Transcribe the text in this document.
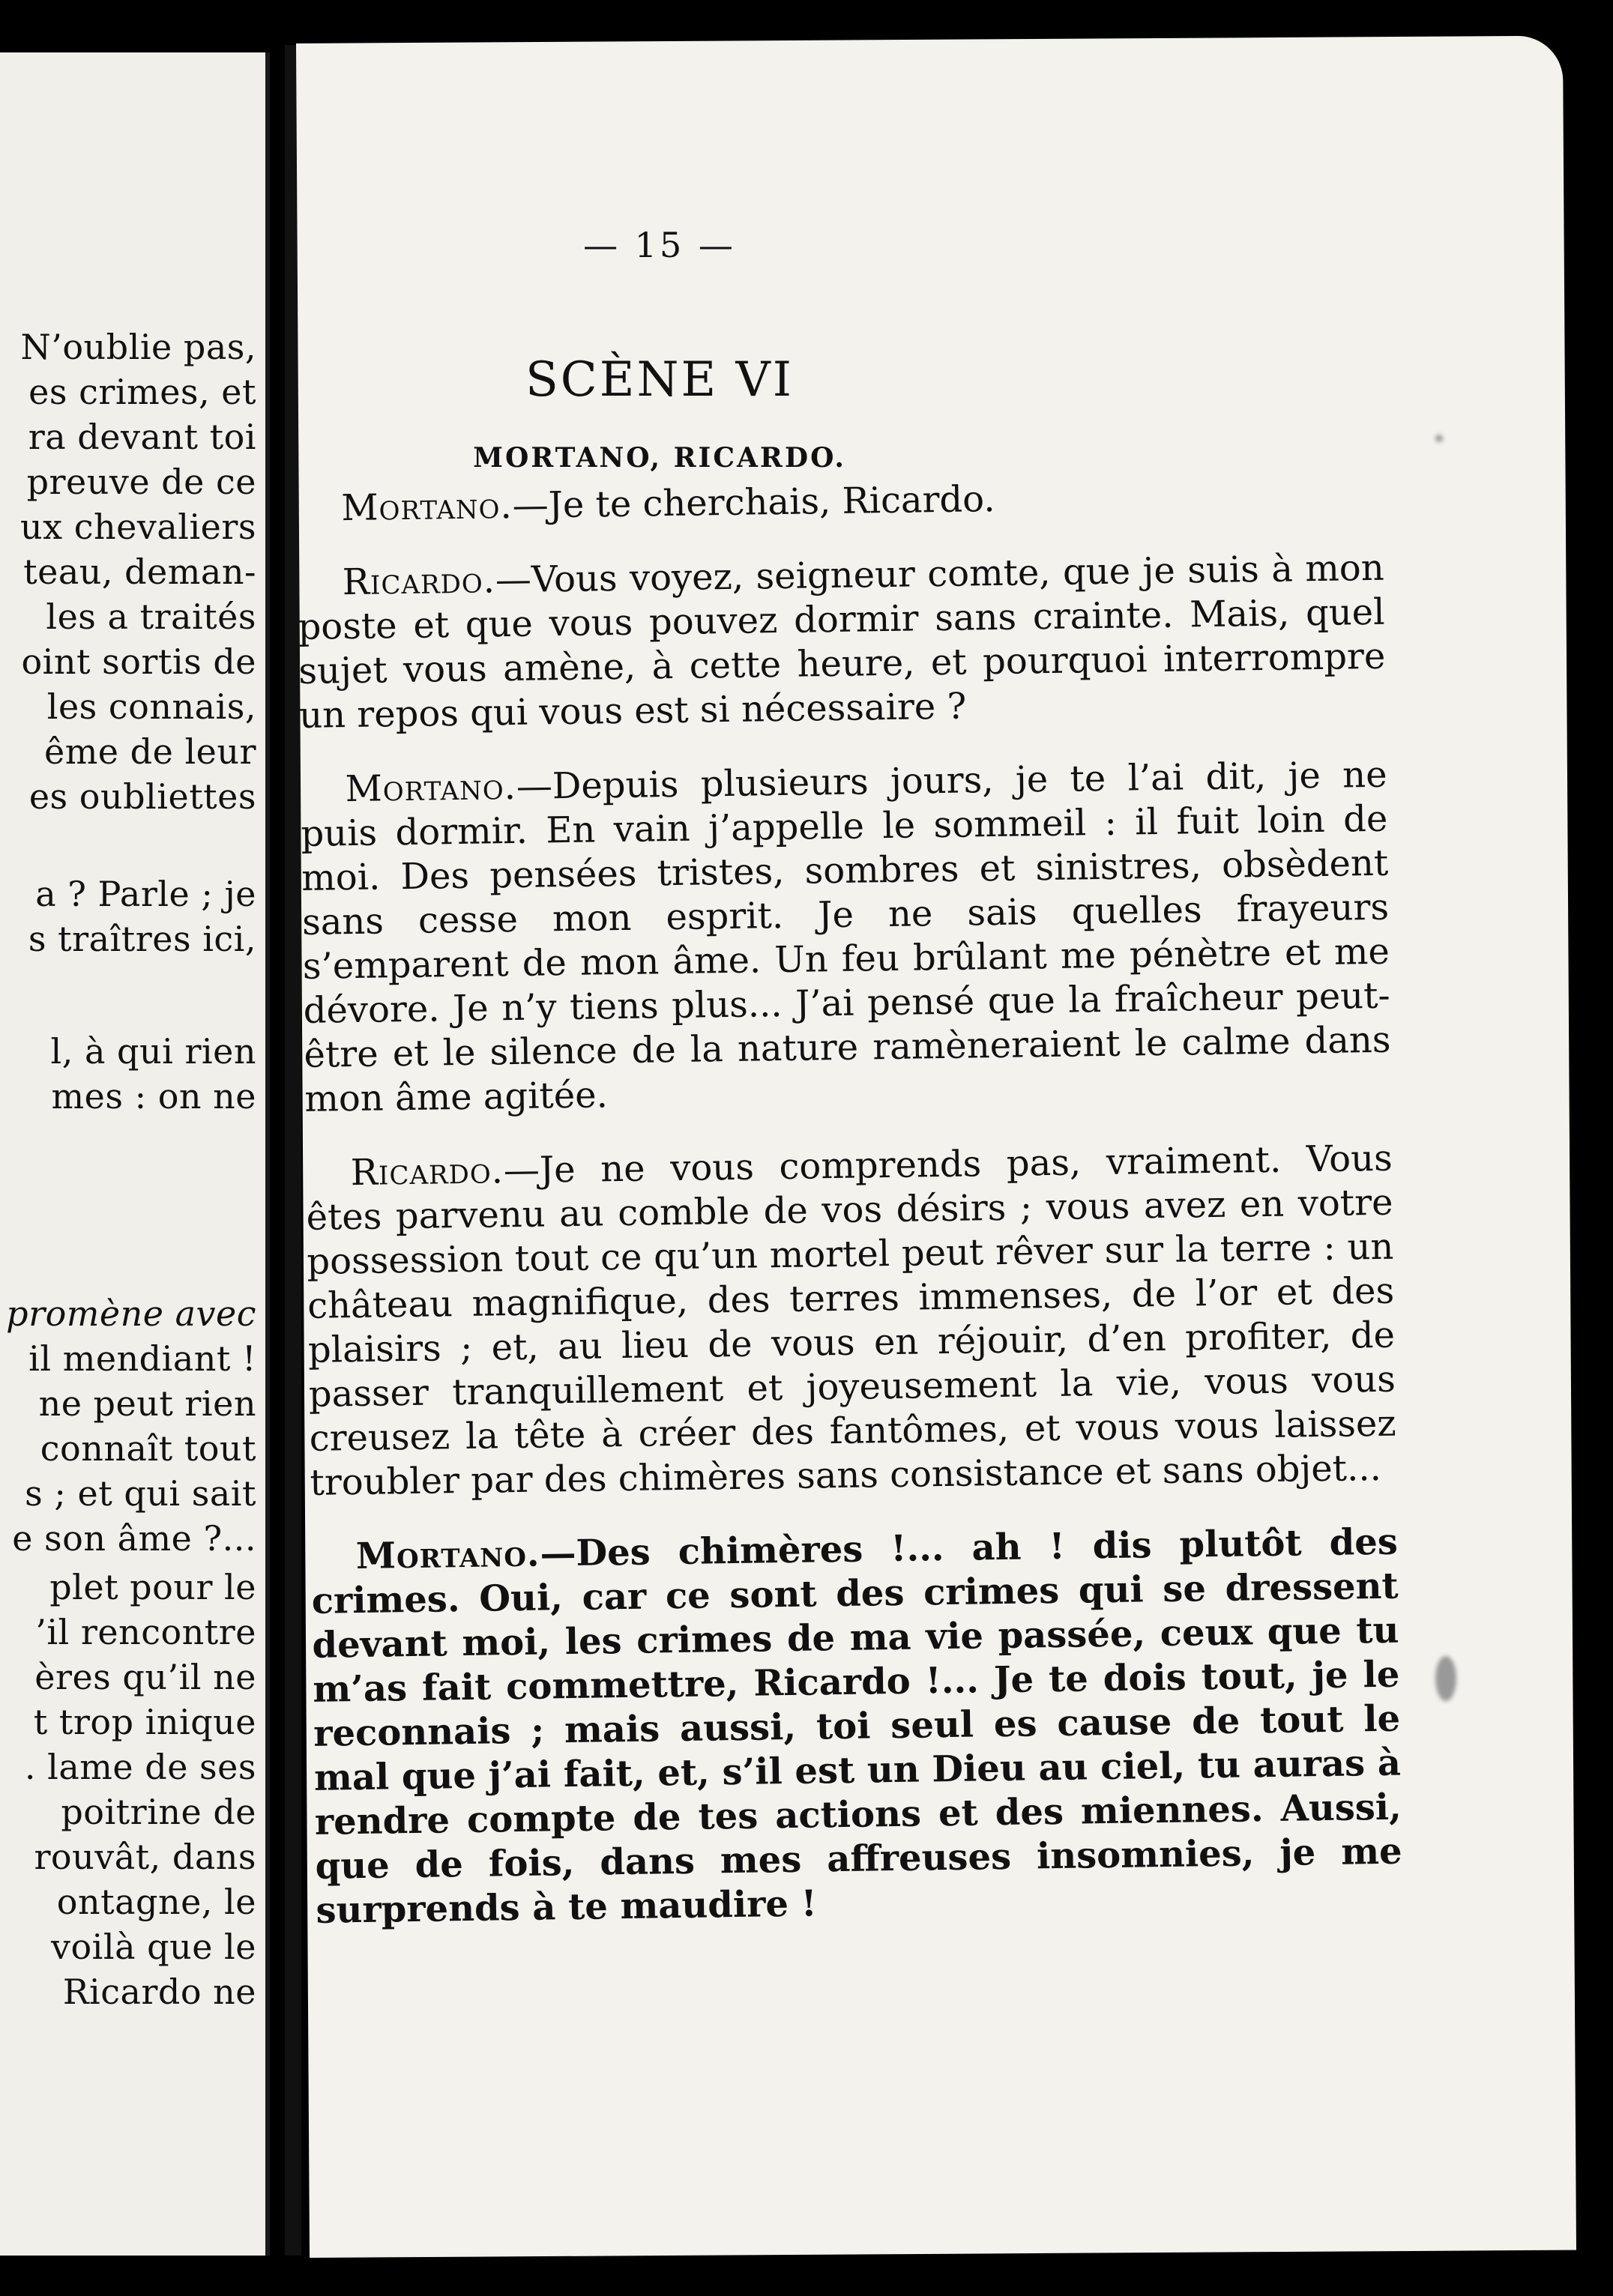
N’oublie pas,
es crimes, et
ra devant toi
preuve de ce
ux chevaliers
teau, deman-
les a traités
oint sortis de
les connais,
ême de leur
es oubliettes
a ? Parle ; je
s traîtres ici,
l, à qui rien
mes : on ne
promène avec
il mendiant !
ne peut rien
connaît tout
s ; et qui sait
e son âme ?...
plet pour le
’il rencontre
ères qu’il ne
t trop inique
. lame de ses
poitrine de
rouvât, dans
ontagne, le
voilà que le
Ricardo ne
— 15 —
SCÈNE VI
MORTANO, RICARDO.

Mortano.—Je te cherchais, Ricardo.

Ricardo.—Vous voyez, seigneur comte, que je suis à mon poste et que vous pouvez dormir sans crainte. Mais, quel sujet vous amène, à cette heure, et pourquoi interrompre un repos qui vous est si nécessaire ?

Mortano.—Depuis plusieurs jours, je te l’ai dit, je ne puis dormir. En vain j’appelle le sommeil : il fuit loin de moi. Des pensées tristes, sombres et sinistres, obsèdent sans cesse mon esprit. Je ne sais quelles frayeurs s’emparent de mon âme. Un feu brûlant me pénètre et me dévore. Je n’y tiens plus... J’ai pensé que la fraîcheur peut-être et le silence de la nature ramèneraient le calme dans mon âme agitée.

Ricardo.—Je ne vous comprends pas, vraiment. Vous êtes parvenu au comble de vos désirs ; vous avez en votre possession tout ce qu’un mortel peut rêver sur la terre : un château magnifique, des terres immenses, de l’or et des plaisirs ; et, au lieu de vous en réjouir, d’en profiter, de passer tranquillement et joyeusement la vie, vous vous creusez la tête à créer des fantômes, et vous vous laissez troubler par des chimères sans consistance et sans objet...

Mortano.—Des chimères !... ah ! dis plutôt des crimes. Oui, car ce sont des crimes qui se dressent devant moi, les crimes de ma vie passée, ceux que tu m’as fait commettre, Ricardo !... Je te dois tout, je le reconnais ; mais aussi, toi seul es cause de tout le mal que j’ai fait, et, s’il est un Dieu au ciel, tu auras à rendre compte de tes actions et des miennes. Aussi, que de fois, dans mes affreuses insomnies, je me surprends à te maudire !
